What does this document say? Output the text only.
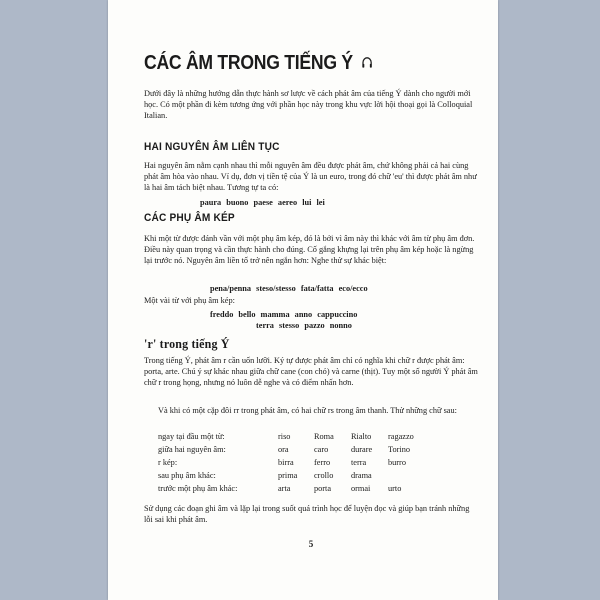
CÁC ÂM TRONG TIẾNG Ý
Dưới đây là những hướng dẫn thực hành sơ lược về cách phát âm của tiếng Ý dành cho người mới học. Có một phần đi kèm tương ứng với phần học này trong khu vực lời hội thoại gọi là Colloquial Italian.
HAI NGUYÊN ÂM LIÊN TỤC
Hai nguyên âm nằm cạnh nhau thì mỗi nguyên âm đều được phát âm, chứ không phải cả hai cùng phát âm hòa vào nhau. Ví dụ, đơn vị tiền tệ của Ý là un euro, trong đó chữ 'eu' thì được phát âm như là hai âm tách biệt nhau. Tương tự ta có:
paura buono paese aereo lui lei
CÁC PHỤ ÂM KÉP
Khi một từ được đánh vần với một phụ âm kép, đó là bởi vì âm này thì khác với âm từ phụ âm đơn. Điều này quan trọng và cần thực hành cho đúng. Cố gắng khựng lại trên phụ âm kép hoặc là ngừng lại trước nó. Nguyên âm liền tố trở nên ngắn hơn: Nghe thử sự khác biệt:
pena/penna steso/stesso fata/fatta eco/ecco
Một vài từ với phụ âm kép:
freddo bello mamma anno cappuccino
terra stesso pazzo nonno
'r' trong tiếng Ý
Trong tiếng Ý, phát âm r cần uốn lưỡi. Ký tự được phát âm chỉ có nghĩa khi chữ r được phát âm: porta, arte. Chú ý sự khác nhau giữa chữ cane (con chó) và carne (thịt). Tuy một số người Ý phát âm chữ r trong họng, nhưng nó luôn dễ nghe và có điểm nhấn hơn.
Và khi có một cặp đôi rr trong phát âm, có hai chữ rs trong âm thanh. Thử những chữ sau:
ngay tại đầu một từ:	riso	Roma Rialto ragazzo
giữa hai nguyên âm:	ora	caro	durare Torino
r kép:	birra ferro	terra	burro
sau phụ âm khác:	prima crollo drama
trước một phụ âm khác:	arta	porta ormai urto
Sử dụng các đoạn ghi âm và lặp lại trong suốt quá trình học để luyện đọc và giúp bạn tránh những lỗi sai khi phát âm.
5
